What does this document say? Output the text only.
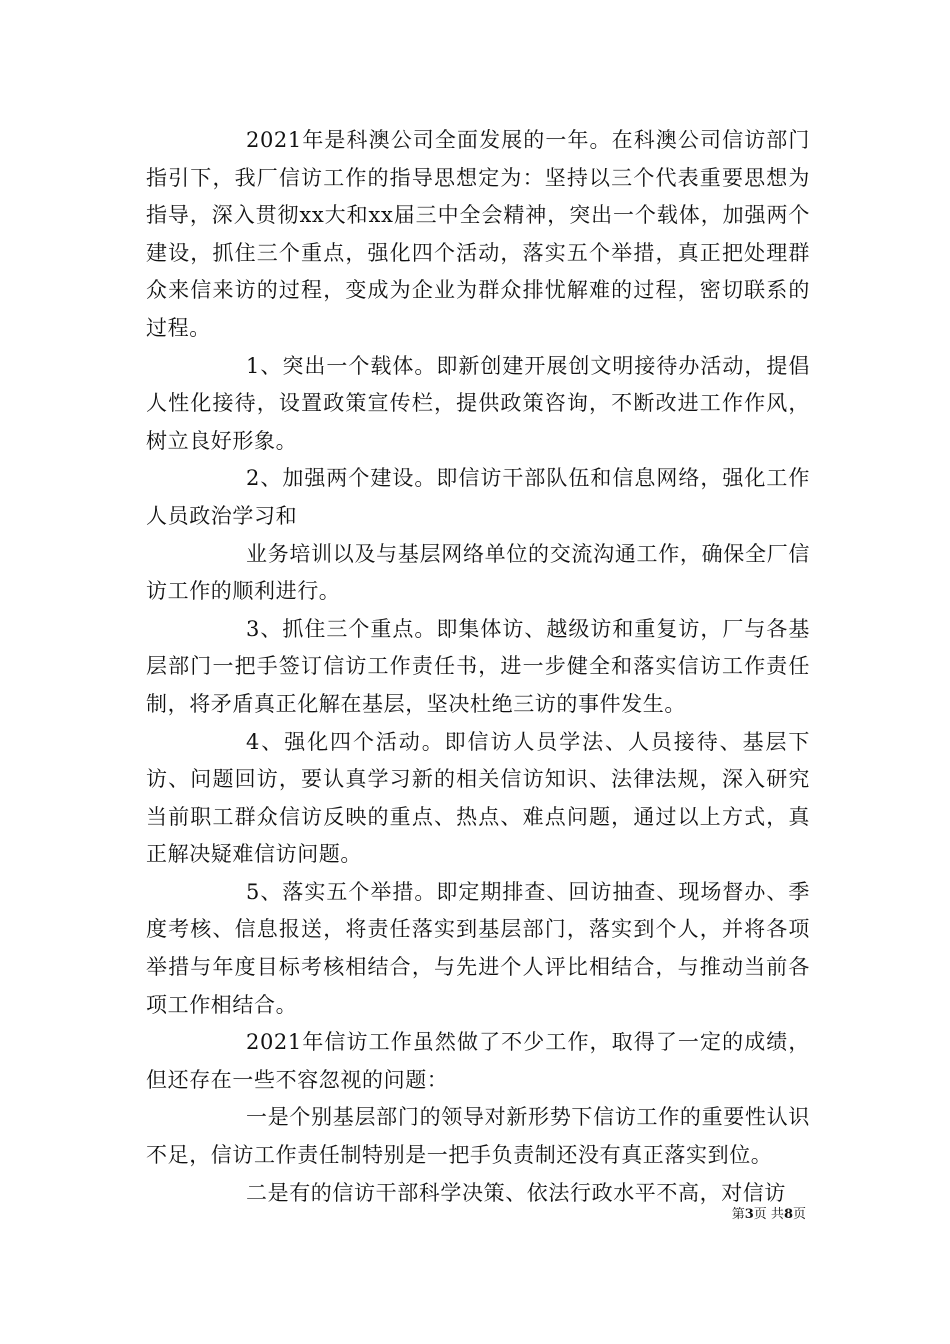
2021年是科澳公司全面发展的一年。在科澳公司信访部门指引下，我厂信访工作的指导思想定为：坚持以三个代表重要思想为指导，深入贯彻xx大和xx届三中全会精神，突出一个载体，加强两个建设，抓住三个重点，强化四个活动，落实五个举措，真正把处理群众来信来访的过程，变成为企业为群众排忧解难的过程，密切联系的过程。

1、突出一个载体。即新创建开展创文明接待办活动，提倡人性化接待，设置政策宣传栏，提供政策咨询，不断改进工作作风，树立良好形象。

2、加强两个建设。即信访干部队伍和信息网络，强化工作人员政治学习和

业务培训以及与基层网络单位的交流沟通工作，确保全厂信访工作的顺利进行。

3、抓住三个重点。即集体访、越级访和重复访，厂与各基层部门一把手签订信访工作责任书，进一步健全和落实信访工作责任制，将矛盾真正化解在基层，坚决杜绝三访的事件发生。

4、强化四个活动。即信访人员学法、人员接待、基层下访、问题回访，要认真学习新的相关信访知识、法律法规，深入研究当前职工群众信访反映的重点、热点、难点问题，通过以上方式，真正解决疑难信访问题。

5、落实五个举措。即定期排查、回访抽查、现场督办、季度考核、信息报送，将责任落实到基层部门，落实到个人，并将各项举措与年度目标考核相结合，与先进个人评比相结合，与推动当前各项工作相结合。

2021年信访工作虽然做了不少工作，取得了一定的成绩，但还存在一些不容忽视的问题：

一是个别基层部门的领导对新形势下信访工作的重要性认识不足，信访工作责任制特别是一把手负责制还没有真正落实到位。

二是有的信访干部科学决策、依法行政水平不高，对信访

第3页 共8页
